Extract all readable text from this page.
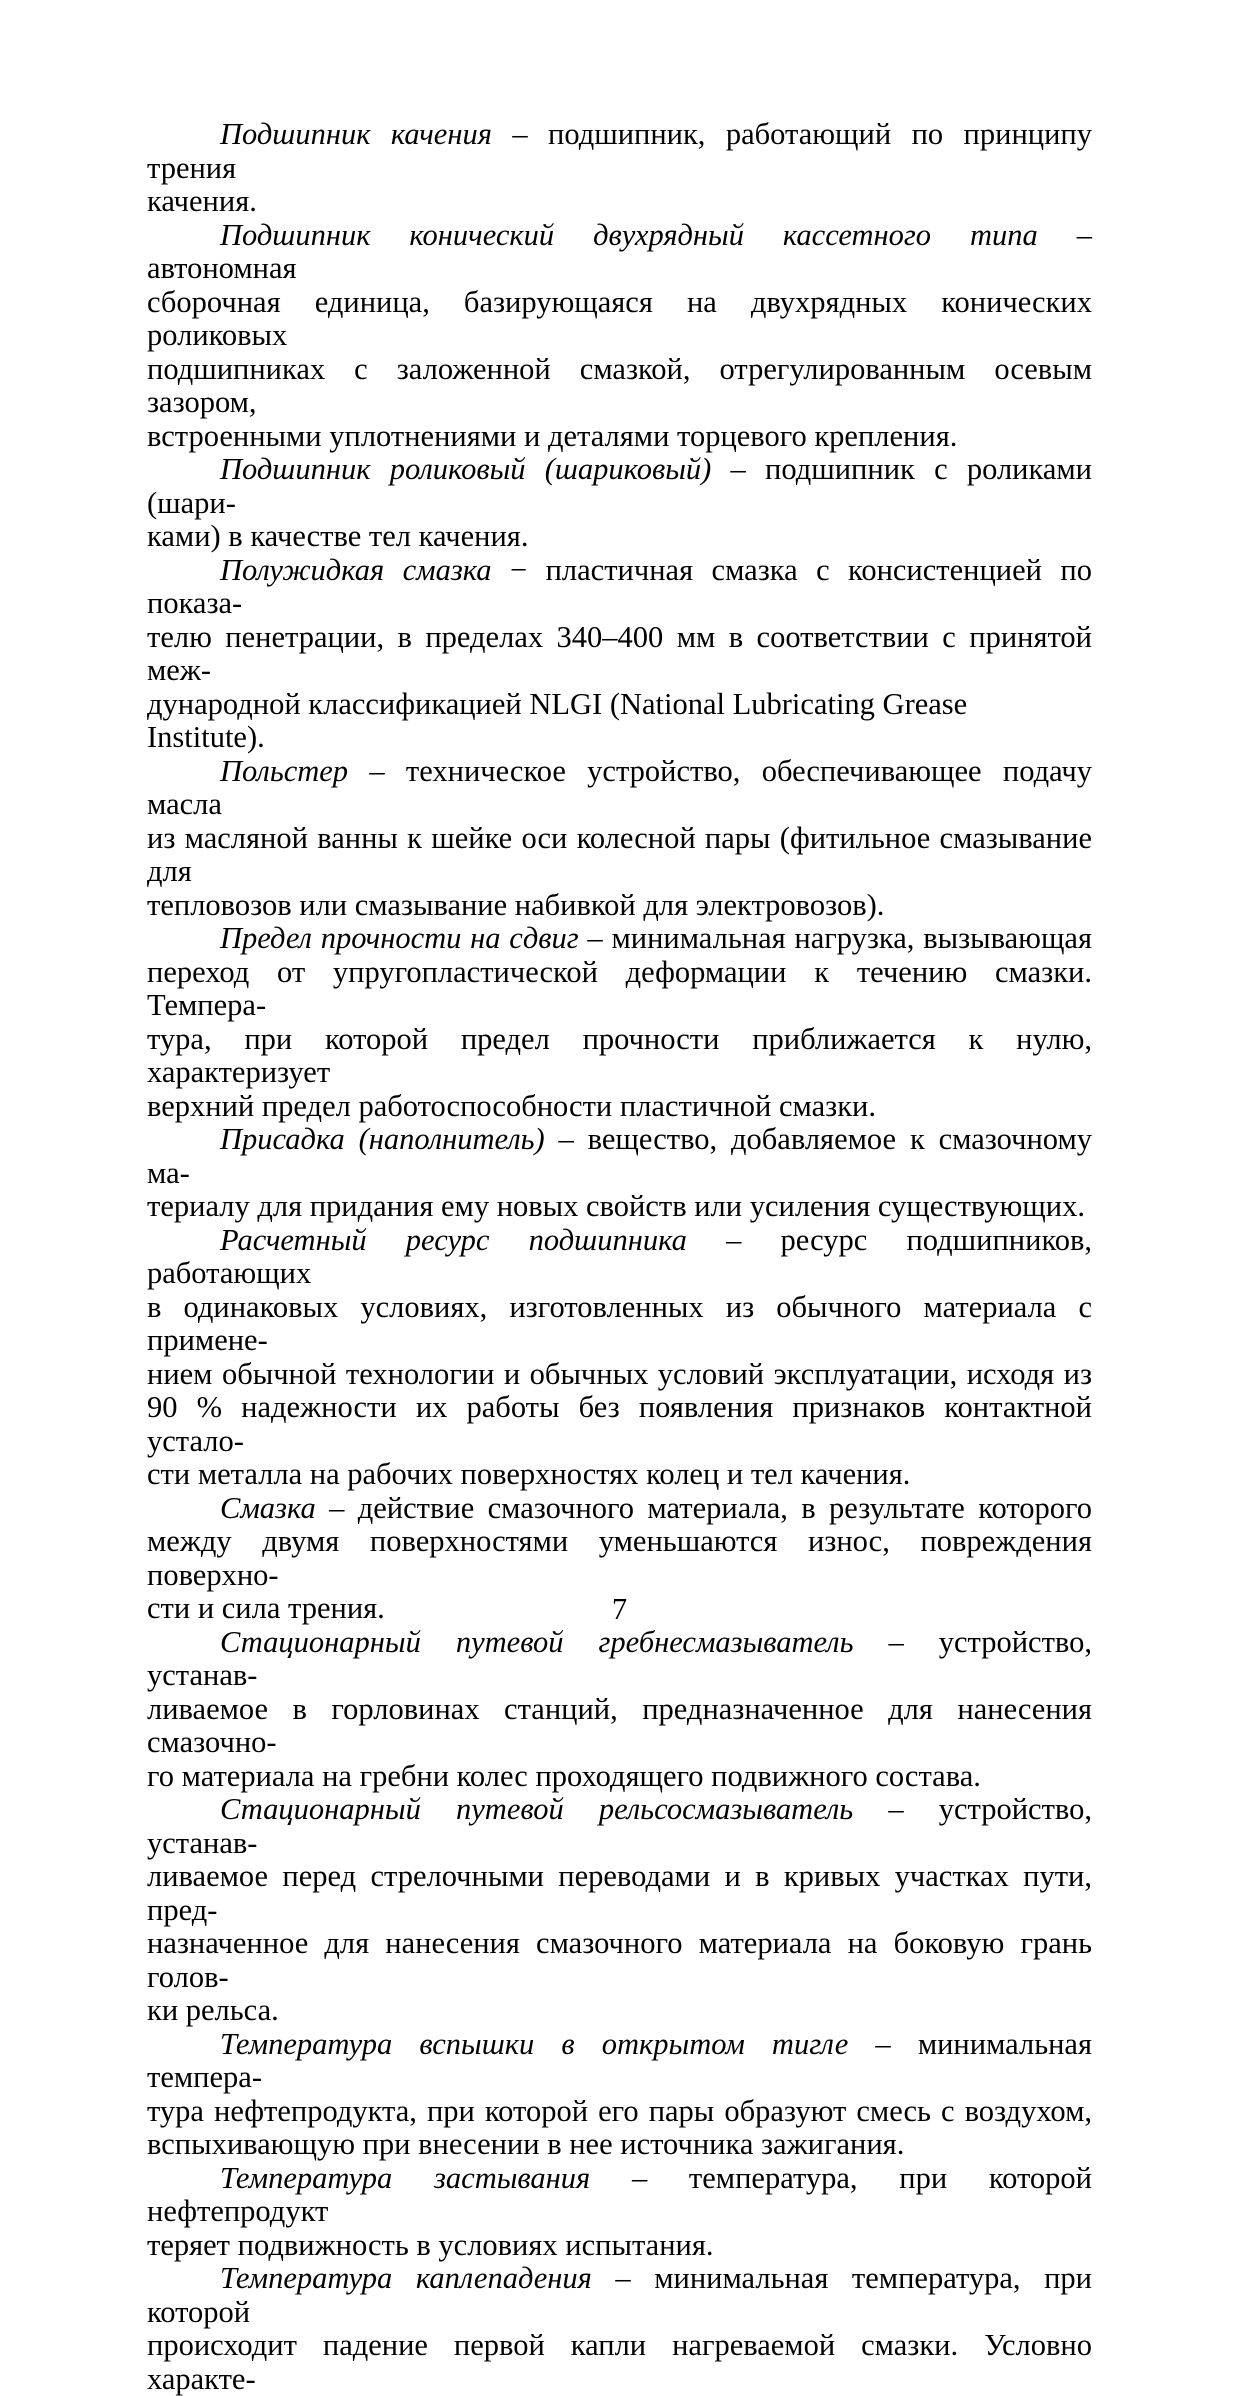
Подшипник качения – подшипник, работающий по принципу трения
качения.
Подшипник конический двухрядный кассетного типа – автономная
сборочная единица, базирующаяся на двухрядных конических роликовых
подшипниках с заложенной смазкой, отрегулированным осевым зазором,
встроенными уплотнениями и деталями торцевого крепления.
Подшипник роликовый (шариковый) – подшипник с роликами (шари-
ками) в качестве тел качения.
Полужидкая смазка − пластичная смазка с консистенцией по показа-
телю пенетрации, в пределах 340–400 мм в соответствии с принятой меж-
дународной классификацией NLGI (National Lubricating Grease Institute).
Польстер – техническое устройство, обеспечивающее подачу масла
из масляной ванны к шейке оси колесной пары (фитильное смазывание для
тепловозов или смазывание набивкой для электровозов).
Предел прочности на сдвиг – минимальная нагрузка, вызывающая
переход от упругопластической деформации к течению смазки. Темпера-
тура, при которой предел прочности приближается к нулю, характеризует
верхний предел работоспособности пластичной смазки.
Присадка (наполнитель) – вещество, добавляемое к смазочному ма-
териалу для придания ему новых свойств или усиления существующих.
Расчетный ресурс подшипника – ресурс подшипников, работающих
в одинаковых условиях, изготовленных из обычного материала с примене-
нием обычной технологии и обычных условий эксплуатации, исходя из
90 % надежности их работы без появления признаков контактной устало-
сти металла на рабочих поверхностях колец и тел качения.
Смазка – действие смазочного материала, в результате которого
между двумя поверхностями уменьшаются износ, повреждения поверхно-
сти и сила трения.
Стационарный путевой гребнесмазыватель – устройство, устанав-
ливаемое в горловинах станций, предназначенное для нанесения смазочно-
го материала на гребни колес проходящего подвижного состава.
Стационарный путевой рельсосмазыватель – устройство, устанав-
ливаемое перед стрелочными переводами и в кривых участках пути, пред-
назначенное для нанесения смазочного материала на боковую грань голов-
ки рельса.
Температура вспышки в открытом тигле – минимальная темпера-
тура нефтепродукта, при которой его пары образуют смесь с воздухом,
вспыхивающую при внесении в нее источника зажигания.
Температура застывания – температура, при которой нефтепродукт
теряет подвижность в условиях испытания.
Температура каплепадения – минимальная температура, при которой
происходит падение первой капли нагреваемой смазки. Условно характе-
7
